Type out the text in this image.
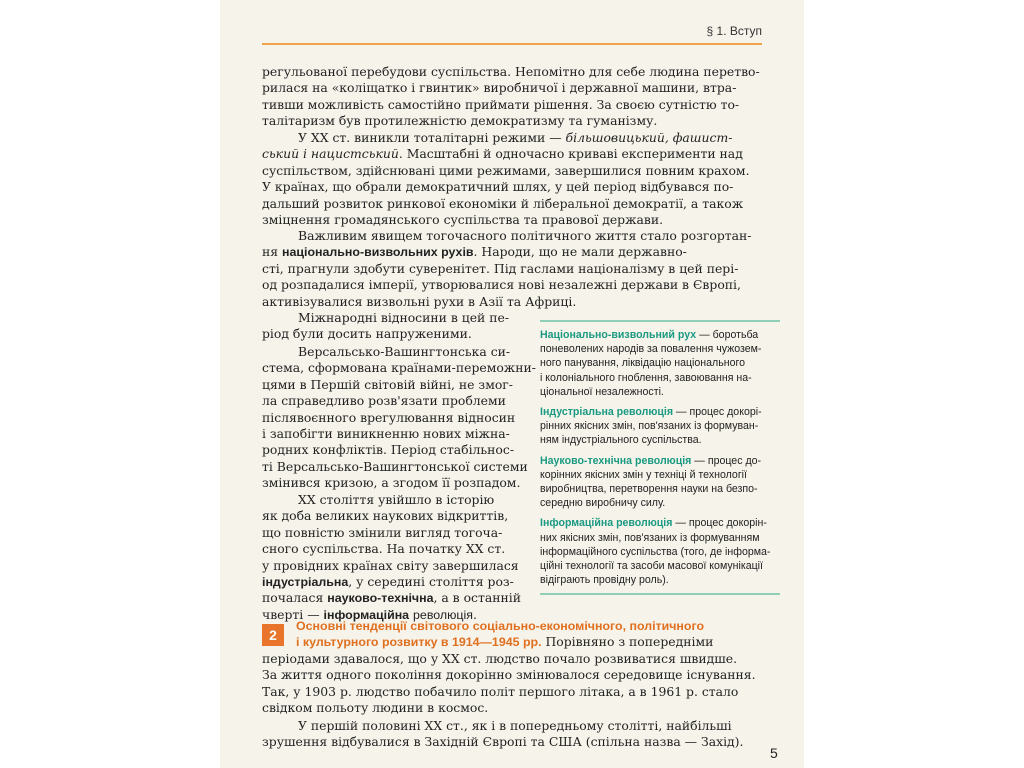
§ 1. Вступ
регульованої перебудови суспільства. Непомітно для себе людина перетво-
рилася на «коліщатко і гвинтик» виробничої і державної машини, втра-
тивши можливість самостійно приймати рішення. За своєю сутністю то-
талітаризм був протилежністю демократизму та гуманізму.
У XX ст. виникли тоталітарні режими — більшовицький, фашист-
ський і нацистський. Масштабні й одночасно криваві експерименти над
суспільством, здійснювані цими режимами, завершилися повним крахом.
У країнах, що обрали демократичний шлях, у цей період відбувався по-
дальший розвиток ринкової економіки й ліберальної демократії, а також
зміцнення громадянського суспільства та правової держави.
Важливим явищем тогочасного політичного життя стало розгортан-
ня національно-визвольних рухів. Народи, що не мали державно-
сті, прагнули здобути суверенітет. Під гаслами націоналізму в цей пері-
од розпадалися імперії, утворювалися нові незалежні держави в Європі,
активізувалися визвольні рухи в Азії та Африці.
Міжнародні відносини в цей пе-
ріод були досить напруженими.
Версальсько-Вашингтонська си-
стема, сформована країнами-переможни-
цями в Першій світовій війні, не змог-
ла справедливо розв'язати проблеми
післявоєнного врегулювання відносин
і запобігти виникненню нових міжна-
родних конфліктів. Період стабільнос-
ті Версальсько-Вашингтонської системи
змінився кризою, а згодом її розпадом.
XX століття увійшло в історію
як доба великих наукових відкриттів,
що повністю змінили вигляд тогоча-
сного суспільства. На початку XX ст.
у провідних країнах світу завершилася
індустріальна, у середині століття роз-
почалася науково-технічна, а в останній
чверті — інформаційна революція.
Національно-визвольний рух — боротьба
поневолених народів за повалення чужозем-
ного панування, ліквідацію національного
і колоніального гноблення, завоювання на-
ціональної незалежності.
Індустріальна революція — процес докорі-
рінних якісних змін, пов'язаних із формуван-
ням індустріального суспільства.
Науково-технічна революція — процес до-
корінних якісних змін у техніці й технології
виробництва, перетворення науки на безпо-
середню виробничу силу.
Інформаційна революція — процес докорін-
них якісних змін, пов'язаних із формуванням
інформаційного суспільства (того, де інформа-
ційні технології та засоби масової комунікації
відіграють провідну роль).
2
Основні тенденції світового соціально-економічного, політичного
і культурного розвитку в 1914—1945 рр. Порівняно з попередніми
періодами здавалося, що у XX ст. людство почало розвиватися швидше.
За життя одного покоління докорінно змінювалося середовище існування.
Так, у 1903 р. людство побачило політ першого літака, а в 1961 р. стало
свідком польоту людини в космос.
У першій половині XX ст., як і в попередньому столітті, найбільші
зрушення відбувалися в Західній Європі та США (спільна назва — Захід).
5
